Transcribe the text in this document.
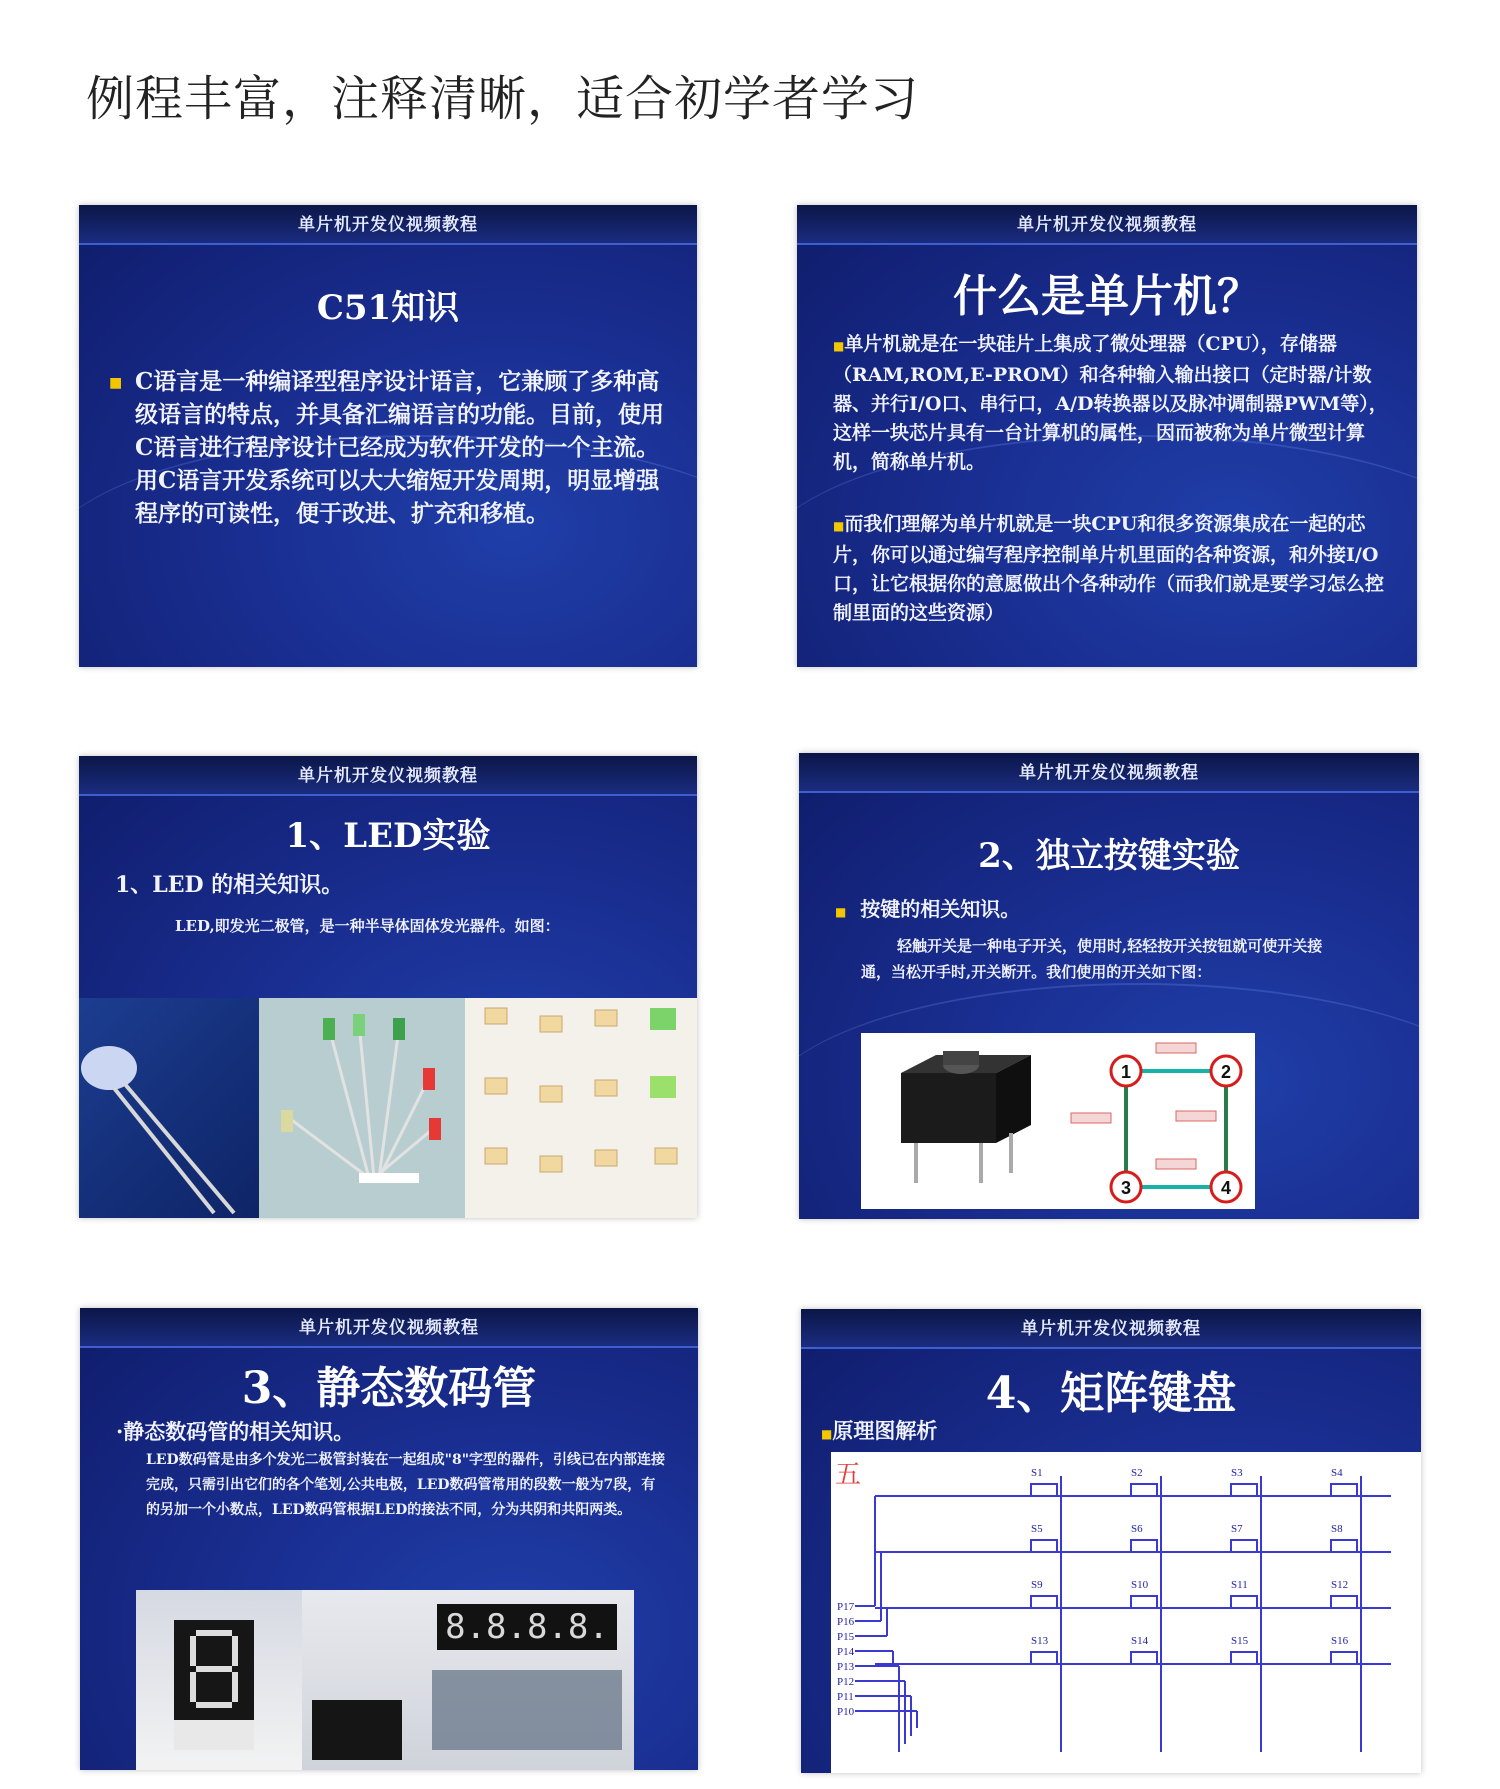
例程丰富，注释清晰，适合初学者学习
单片机开发仪视频教程
C51知识
■ C语言是一种编译型程序设计语言，它兼顾了多种高级语言的特点，并具备汇编语言的功能。目前，使用C语言进行程序设计已经成为软件开发的一个主流。用C语言开发系统可以大大缩短开发周期，明显增强程序的可读性，便于改进、扩充和移植。
单片机开发仪视频教程
什么是单片机？
■单片机就是在一块硅片上集成了微处理器（CPU），存储器（RAM,ROM,E-PROM）和各种输入输出接口（定时器/计数器、并行I/O口、串行口，A/D转换器以及脉冲调制器PWM等），这样一块芯片具有一台计算机的属性，因而被称为单片微型计算机，简称单片机。
■而我们理解为单片机就是一块CPU和很多资源集成在一起的芯片，你可以通过编写程序控制单片机里面的各种资源，和外接I/O口，让它根据你的意愿做出个各种动作（而我们就是要学习怎么控制里面的这些资源）
单片机开发仪视频教程
1、LED实验
1、LED 的相关知识。
LED,即发光二极管，是一种半导体固体发光器件。如图：
单片机开发仪视频教程
2、独立按键实验
■ 按键的相关知识。
轻触开关是一种电子开关，使用时,轻轻按开关按钮就可使开关接通，当松开手时,开关断开。我们使用的开关如下图：
1	2
3	4
单片机开发仪视频教程
3、静态数码管
·静态数码管的相关知识。
LED数码管是由多个发光二极管封装在一起组成"8"字型的器件，引线已在内部连接完成，只需引出它们的各个笔划,公共电极，LED数码管常用的段数一般为7段，有的另加一个小数点，LED数码管根据LED的接法不同，分为共阴和共阳两类。
8.8.8.8.
单片机开发仪视频教程
4、矩阵键盘
■原理图解析
五	S1	S2	S3	S4
S5	S6	S7	S8
S9	S10	S11	S12
S13	S14	S15	S16
P17
P16
P15
P14
P13
P12
P11
P10
